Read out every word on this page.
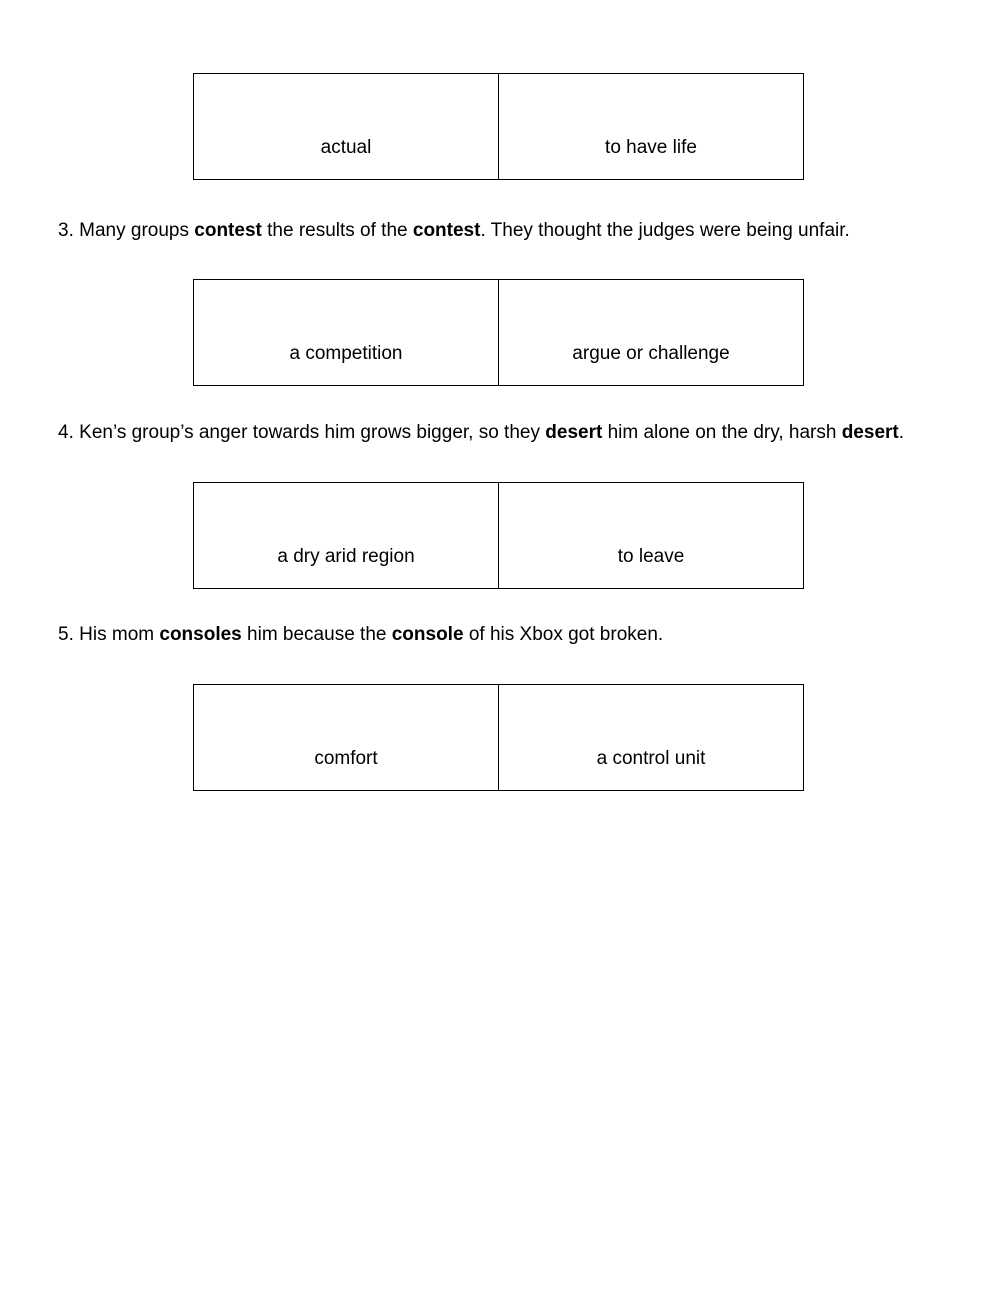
actual	to have life
3. Many groups contest the results of the contest. They thought the judges were being unfair.
a competition	argue or challenge
4. Ken’s group’s anger towards him grows bigger, so they desert him alone on the dry, harsh desert.
a dry arid region	to leave
5. His mom consoles him because the console of his Xbox got broken.
comfort	a control unit
